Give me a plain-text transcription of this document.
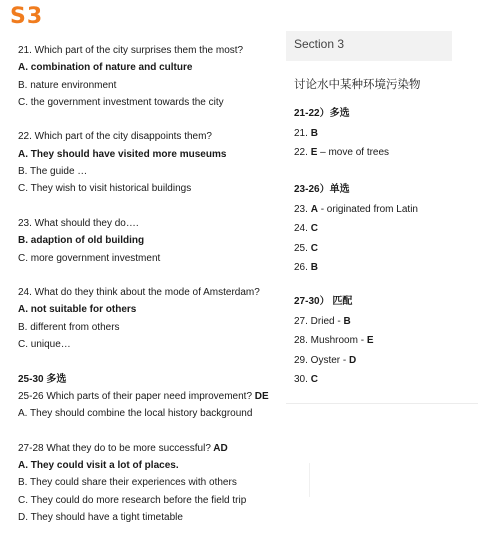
S3
21. Which part of the city surprises them the most?
A. combination of nature and culture
B. nature environment
C. the government investment towards the city
22. Which part of the city disappoints them?
A. They should have visited more museums
B. The guide …
C. They wish to visit historical buildings
23. What should they do….
B. adaption of old building
C. more government investment
24. What do they think about the mode of Amsterdam?
A. not suitable for others
B. different from others
C. unique…
25-30 多选
25-26 Which parts of their paper need improvement? DE
A. They should combine the local history background
27-28 What they do to be more successful? AD
A. They could visit a lot of places.
B. They could share their experiences with others
C. They could do more research before the field trip
D. They should have a tight timetable
Section 3
讨论水中某种环境污染物
21-22）多选
21. B
22. E – move of trees
23-26）单选
23. A - originated from Latin
24. C
25. C
26. B
27-30） 匹配
27. Dried - B
28. Mushroom - E
29. Oyster - D
30. C
